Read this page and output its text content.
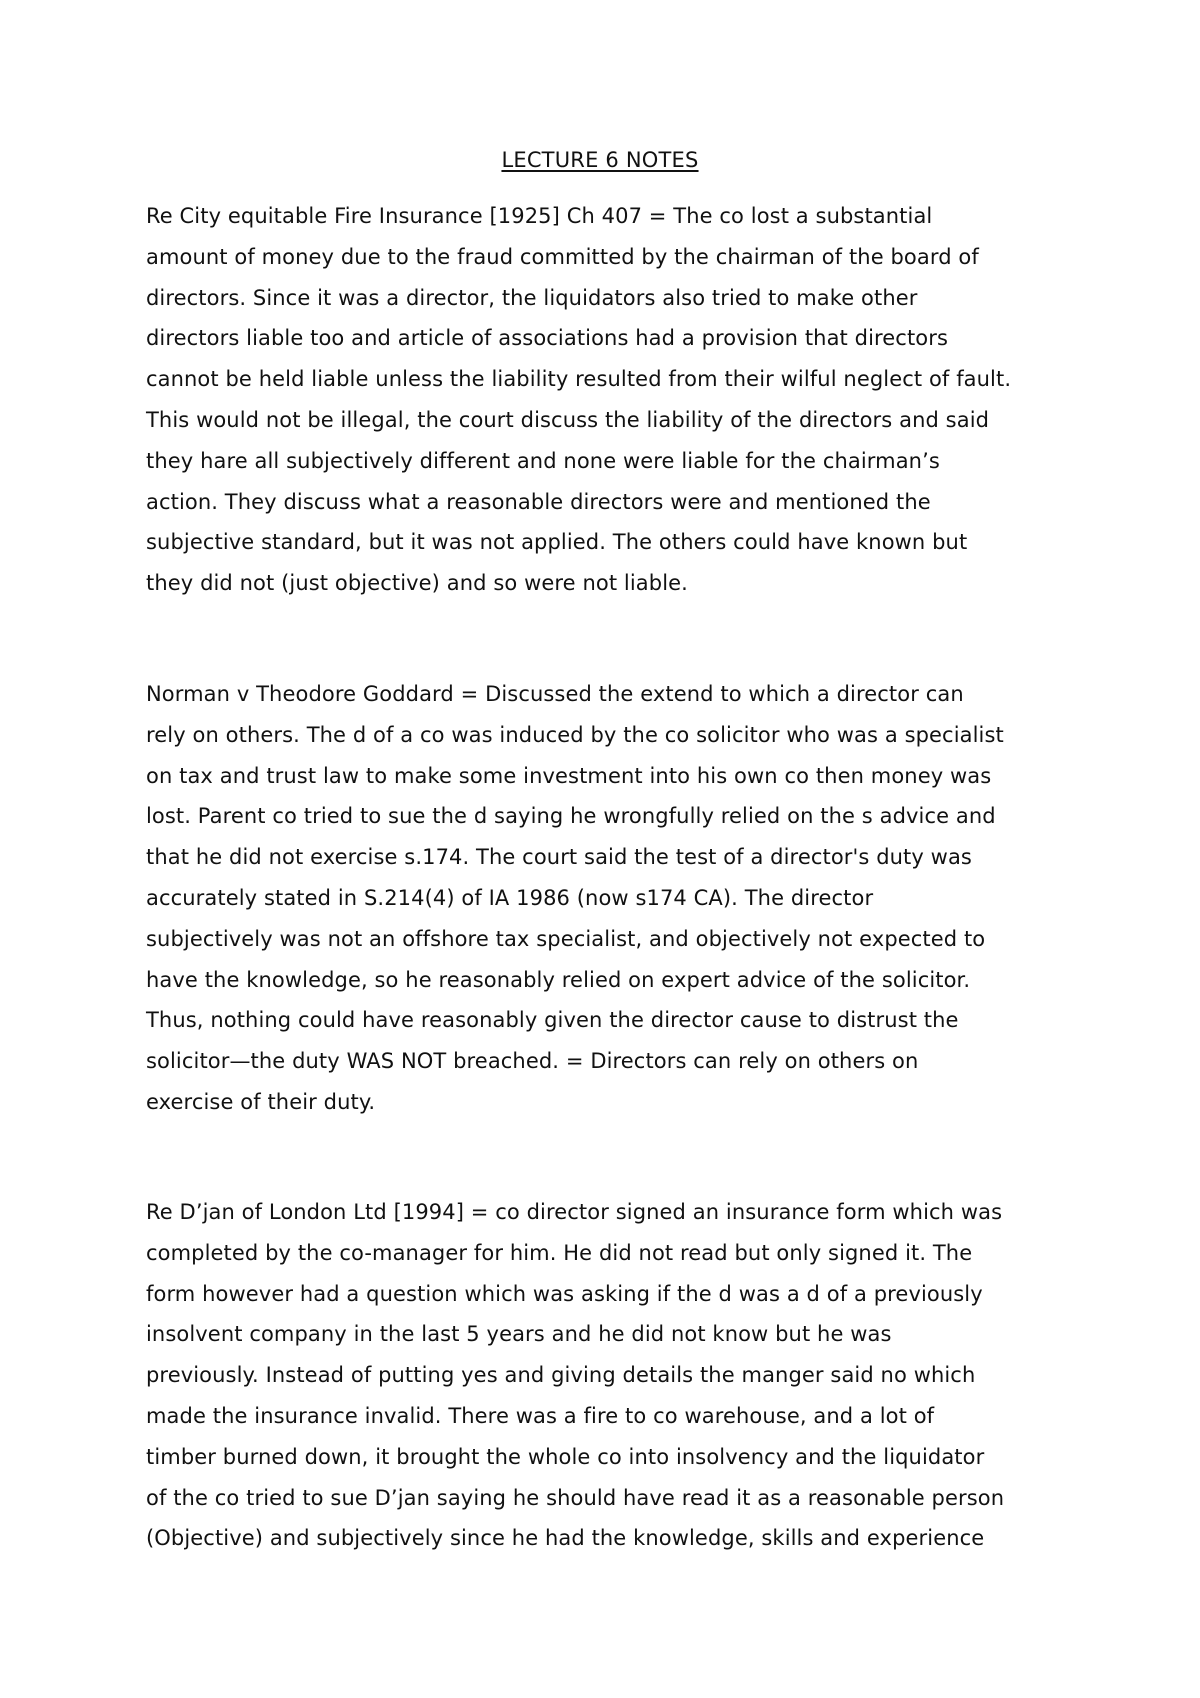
LECTURE 6 NOTES

Re City equitable Fire Insurance [1925] Ch 407 = The co lost a substantial
amount of money due to the fraud committed by the chairman of the board of
directors. Since it was a director, the liquidators also tried to make other
directors liable too and article of associations had a provision that directors
cannot be held liable unless the liability resulted from their wilful neglect of fault.
This would not be illegal, the court discuss the liability of the directors and said
they hare all subjectively different and none were liable for the chairman’s
action. They discuss what a reasonable directors were and mentioned the
subjective standard, but it was not applied. The others could have known but
they did not (just objective) and so were not liable.

Norman v Theodore Goddard = Discussed the extend to which a director can
rely on others. The d of a co was induced by the co solicitor who was a specialist
on tax and trust law to make some investment into his own co then money was
lost. Parent co tried to sue the d saying he wrongfully relied on the s advice and
that he did not exercise s.174. The court said the test of a director's duty was
accurately stated in S.214(4) of IA 1986 (now s174 CA). The director
subjectively was not an offshore tax specialist, and objectively not expected to
have the knowledge, so he reasonably relied on expert advice of the solicitor.
Thus, nothing could have reasonably given the director cause to distrust the
solicitor—the duty WAS NOT breached. = Directors can rely on others on
exercise of their duty.

Re D’jan of London Ltd [1994] = co director signed an insurance form which was
completed by the co-manager for him. He did not read but only signed it. The
form however had a question which was asking if the d was a d of a previously
insolvent company in the last 5 years and he did not know but he was
previously. Instead of putting yes and giving details the manger said no which
made the insurance invalid. There was a fire to co warehouse, and a lot of
timber burned down, it brought the whole co into insolvency and the liquidator
of the co tried to sue D’jan saying he should have read it as a reasonable person
(Objective) and subjectively since he had the knowledge, skills and experience
